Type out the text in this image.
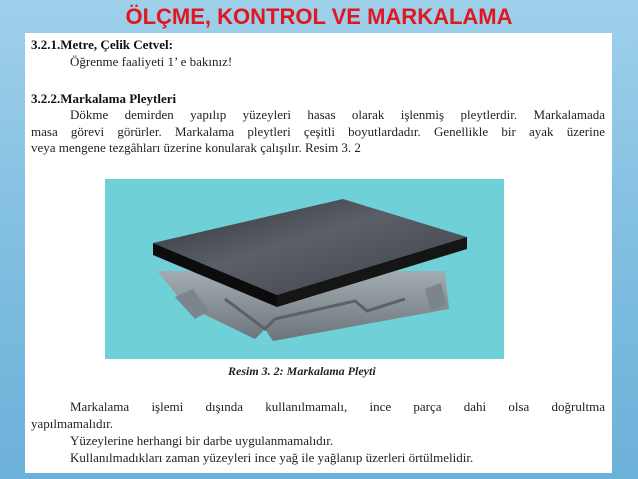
ÖLÇME, KONTROL VE MARKALAMA
3.2.1.Metre, Çelik Cetvel:
Öğrenme faaliyeti 1’ e bakınız!
3.2.2.Markalama Pleytleri
Dökme demirden yapılıp yüzeyleri hasas olarak işlenmiş pleytlerdir. Markalamada
masa görevi görürler. Markalama pleytleri çeşitli boyutlardadır. Genellikle bir ayak üzerine
veya mengene tezgâhları üzerine konularak çalışılır. Resim 3. 2
Resim 3. 2: Markalama Pleyti
Markalama işlemi dışında kullanılmamalı, ince parça dahi olsa doğrultma
yapılmamalıdır.
Yüzeylerine herhangi bir darbe uygulanmamalıdır.
Kullanılmadıkları zaman yüzeyleri ince yağ ile yağlanıp üzerleri örtülmelidir.
